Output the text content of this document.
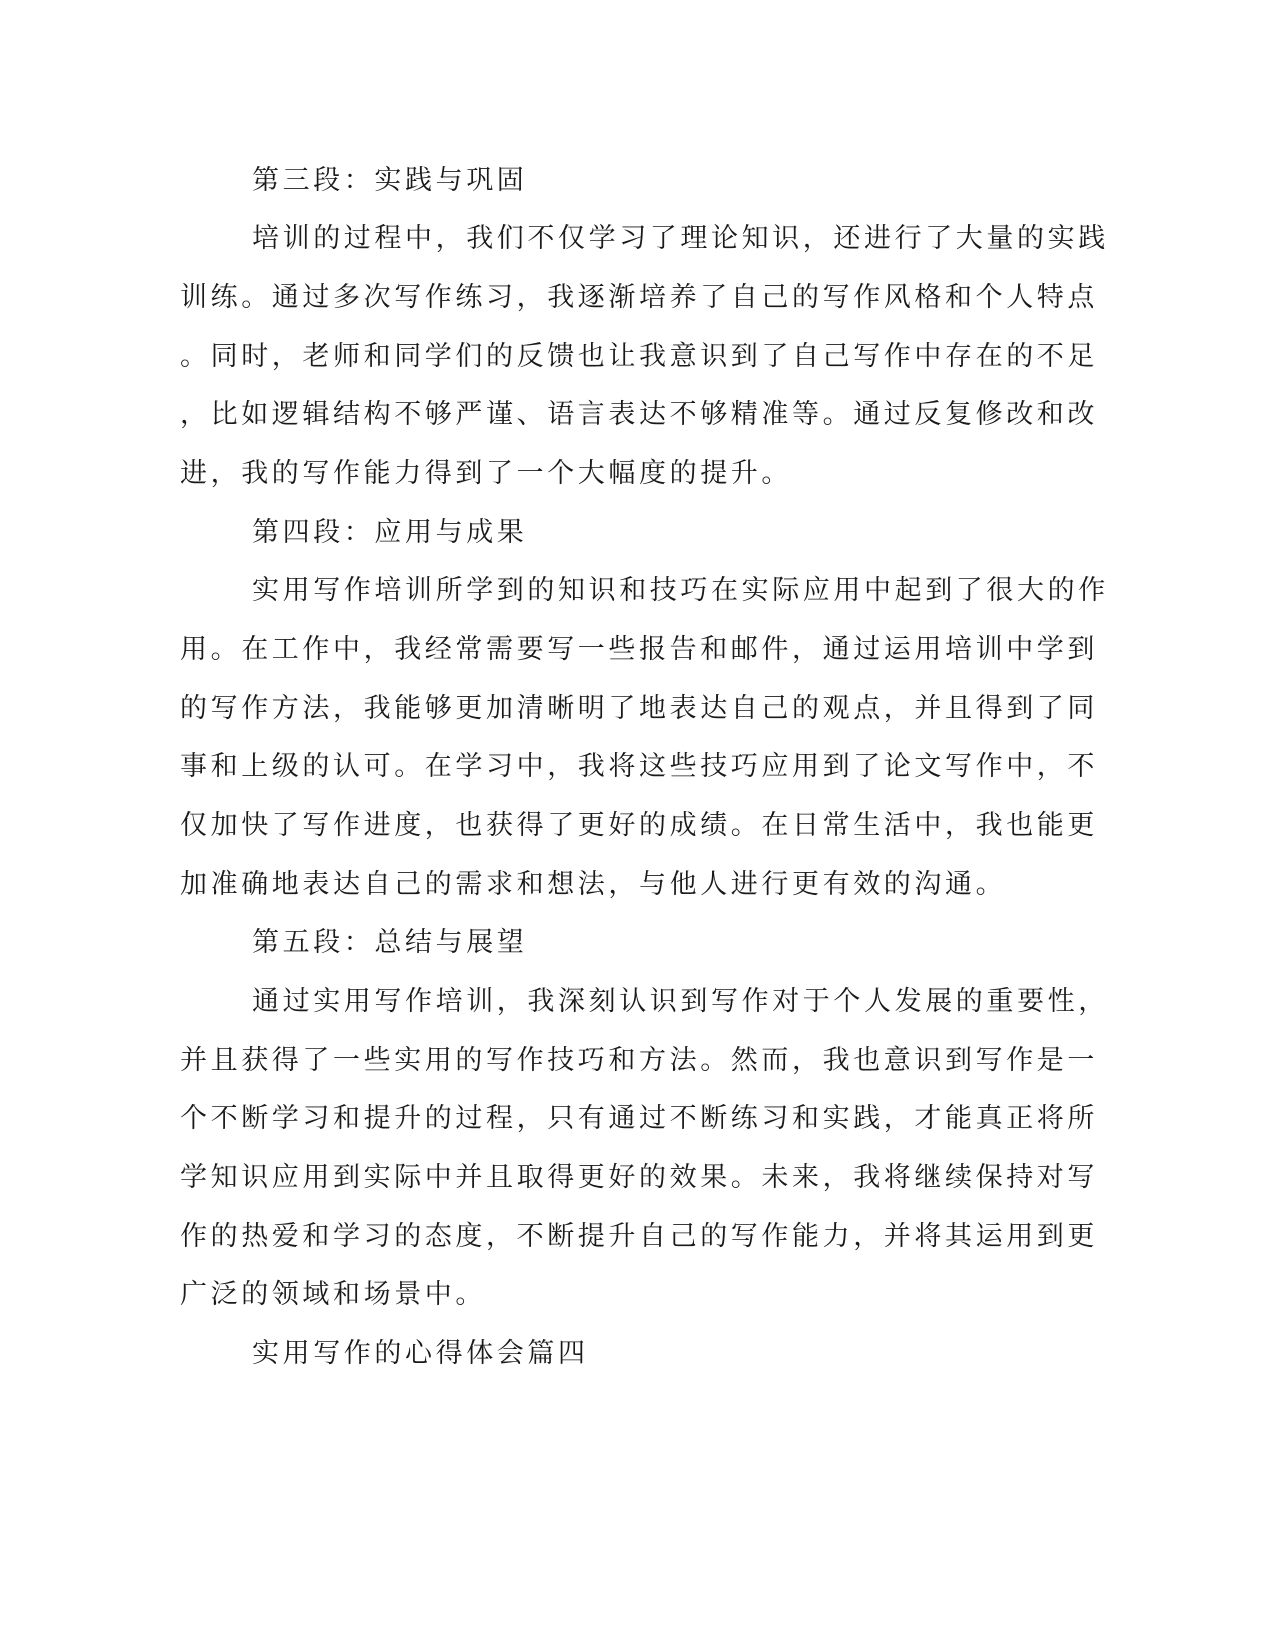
第三段：实践与巩固
培训的过程中，我们不仅学习了理论知识，还进行了大量的实践
训练。通过多次写作练习，我逐渐培养了自己的写作风格和个人特点
。同时，老师和同学们的反馈也让我意识到了自己写作中存在的不足
，比如逻辑结构不够严谨、语言表达不够精准等。通过反复修改和改
进，我的写作能力得到了一个大幅度的提升。
第四段：应用与成果
实用写作培训所学到的知识和技巧在实际应用中起到了很大的作
用。在工作中，我经常需要写一些报告和邮件，通过运用培训中学到
的写作方法，我能够更加清晰明了地表达自己的观点，并且得到了同
事和上级的认可。在学习中，我将这些技巧应用到了论文写作中，不
仅加快了写作进度，也获得了更好的成绩。在日常生活中，我也能更
加准确地表达自己的需求和想法，与他人进行更有效的沟通。
第五段：总结与展望
通过实用写作培训，我深刻认识到写作对于个人发展的重要性，
并且获得了一些实用的写作技巧和方法。然而，我也意识到写作是一
个不断学习和提升的过程，只有通过不断练习和实践，才能真正将所
学知识应用到实际中并且取得更好的效果。未来，我将继续保持对写
作的热爱和学习的态度，不断提升自己的写作能力，并将其运用到更
广泛的领域和场景中。
实用写作的心得体会篇四
